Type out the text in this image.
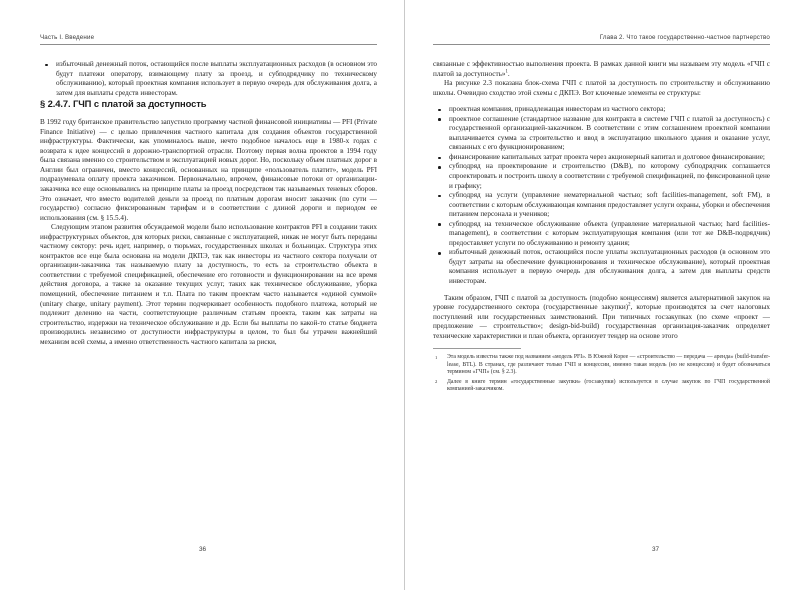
Часть I. Введение
избыточный денежный поток, остающийся после выплаты эксплуатационных расходов (в основном это будут платежи оператору, взимающему плату за проезд, и субподрядчику по техническому обслуживанию), который проектная компания использует в первую очередь для обслуживания долга, а затем для выплаты средств инвесторам.
§ 2.4.7. ГЧП с платой за доступность

В 1992 году британское правительство запустило программу частной финансовой инициативы — PFI (Private Finance Initiative) — с целью привлечения частного капитала для создания объектов государственной инфраструктуры. Фактически, как упоминалось выше, нечто подобное началось еще в 1980-х годах с возврата к идее концессий в дорожно-транспортной отрасли. Поэтому первая волна проектов в 1994 году была связана именно со строительством и эксплуатацией новых дорог. Но, поскольку объем платных дорог в Англии был ограничен, вместо концессий, основанных на принципе «пользователь платит», модель PFI подразумевала оплату проекта заказчиком. Первоначально, впрочем, финансовые потоки от организации-заказчика все еще основывались на принципе платы за проезд посредством так называемых теневых сборов. Это означает, что вместо водителей деньги за проезд по платным дорогам вносит заказчик (по сути — государство) согласно фиксированным тарифам и в соответствии с длиной дороги и периодом ее использования (см. § 15.5.4).

Следующим этапом развития обсуждаемой модели было использование контрактов PFI в создании таких инфраструктурных объектов, для которых риски, связанные с эксплуатацией, никак не могут быть переданы частному сектору: речь идет, например, о тюрьмах, государственных школах и больницах. Структура этих контрактов все еще была основана на модели ДКПЭ, так как инвесторы из частного сектора получали от организации-заказчика так называемую плату за доступность, то есть за строительство объекта в соответствии с требуемой спецификацией, обеспечение его готовности и функционировании на все время действия договора, а также за оказание текущих услуг, таких как техническое обслуживание, уборка помещений, обеспечение питанием и т.п. Плата по таким проектам часто называется «единой суммой» (unitary charge, unitary payment). Этот термин подчеркивает особенность подобного платежа, который не подлежит делению на части, соответствующие различным статьям проекта, таким как затраты на строительство, издержки на техническое обслуживание и др. Если бы выплаты по какой-то статье бюджета производились независимо от доступности инфраструктуры в целом, то был бы утрачен важнейший механизм всей схемы, а именно ответственность частного капитала за риски,

36
Глава 2. Что такое государственно-частное партнерство

связанные с эффективностью выполнения проекта. В рамках данной книги мы называем эту модель «ГЧП с платой за доступность»$^1$.

На рисунке 2.3 показана блок-схема ГЧП с платой за доступность по строительству и обслуживанию школы. Очевидно сходство этой схемы с ДКПЭ. Вот ключевые элементы ее структуры:

проектная компания, принадлежащая инвесторам из частного сектора;
проектное соглашение (стандартное название для контракта в системе ГЧП с платой за доступность) с государственной организацией-заказчиком. В соответствии с этим соглашением проектной компании выплачивается сумма за строительство и ввод в эксплуатацию школьного здания и оказание услуг, связанных с его функционированием;
финансирование капитальных затрат проекта через акционерный капитал и долговое финансирование;
субподряд на проектирование и строительство (D&B), по которому субподрядчик соглашается спроектировать и построить школу в соответствии с требуемой спецификацией, по фиксированной цене и графику;
субподряд на услуги (управление нематериальной частью; soft facilities-management, soft FM), в соответствии с которым обслуживающая компания предоставляет услуги охраны, уборки и обеспечения питанием персонала и учеников;
субподряд на техническое обслуживание объекта (управление материальной частью; hard facilities-management), в соответствии с которым эксплуатирующая компания (или тот же D&B-подрядчик) предоставляет услуги по обслуживанию и ремонту здания;
избыточный денежный поток, остающийся после уплаты эксплуатационных расходов (в основном это будут затраты на обеспечение функционирования и техническое обслуживание), который проектная компания использует в первую очередь для обслуживания долга, а затем для выплаты средств инвесторам.

Таким образом, ГЧП с платой за доступность (подобно концессиям) является альтернативой закупок на уровне государственного сектора (государственные закупки)$^2$, которые производятся за счет налоговых поступлений или государственных заимствований. При типичных госзакупках (по схеме «проект — предложение — строительство»; design-bid-build) государственная организация-заказчик определяет технические характеристики и план объекта, организует тендер на основе этого

1 Эта модель известна также под названием «модель PFI». В Южной Корее — «строительство — передача — аренда» (build-transfer-lease, BTL). В странах, где различают только ГЧП и концессии, именно такая модель (но не концессии) и будет обозначаться термином «ГЧП» (см. § 2.3).
2 Далее в книге термин «государственные закупки» (госзакупки) используется в случае закупок по ГЧП государственной компанией-заказчиком.
37
